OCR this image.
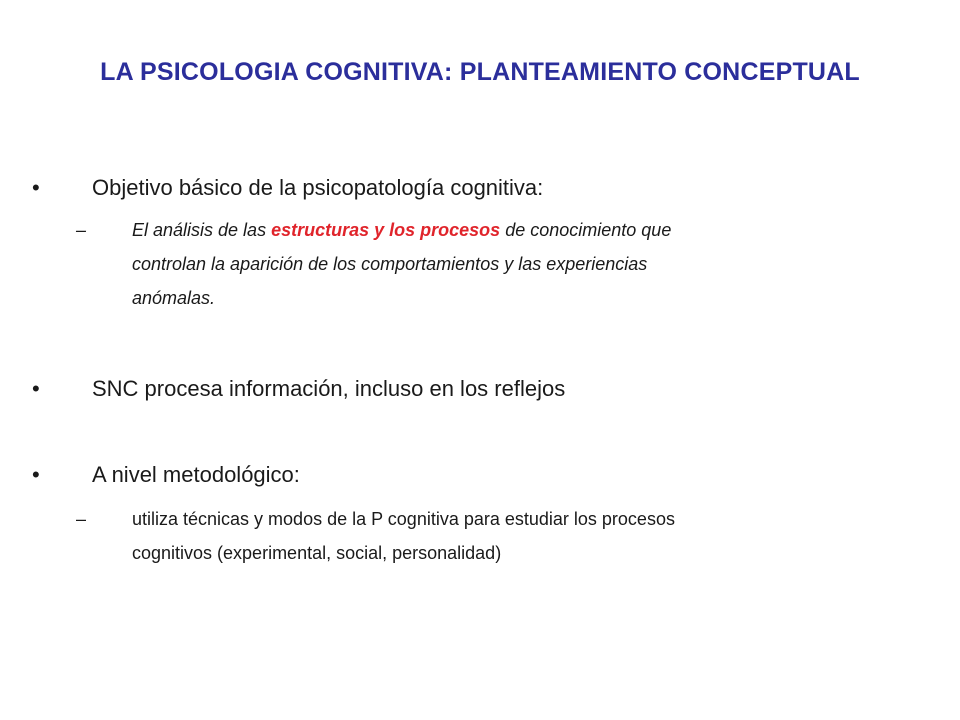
LA PSICOLOGIA COGNITIVA: PLANTEAMIENTO CONCEPTUAL
• Objetivo básico de la psicopatología cognitiva:
–	El análisis de las estructuras y los procesos de conocimiento que
controlan la aparición de los comportamientos y las experiencias
anómalas.
• SNC procesa información, incluso en los reflejos
• A nivel metodológico:
–	utiliza técnicas y modos de la P cognitiva para estudiar los procesos
cognitivos (experimental, social, personalidad)
